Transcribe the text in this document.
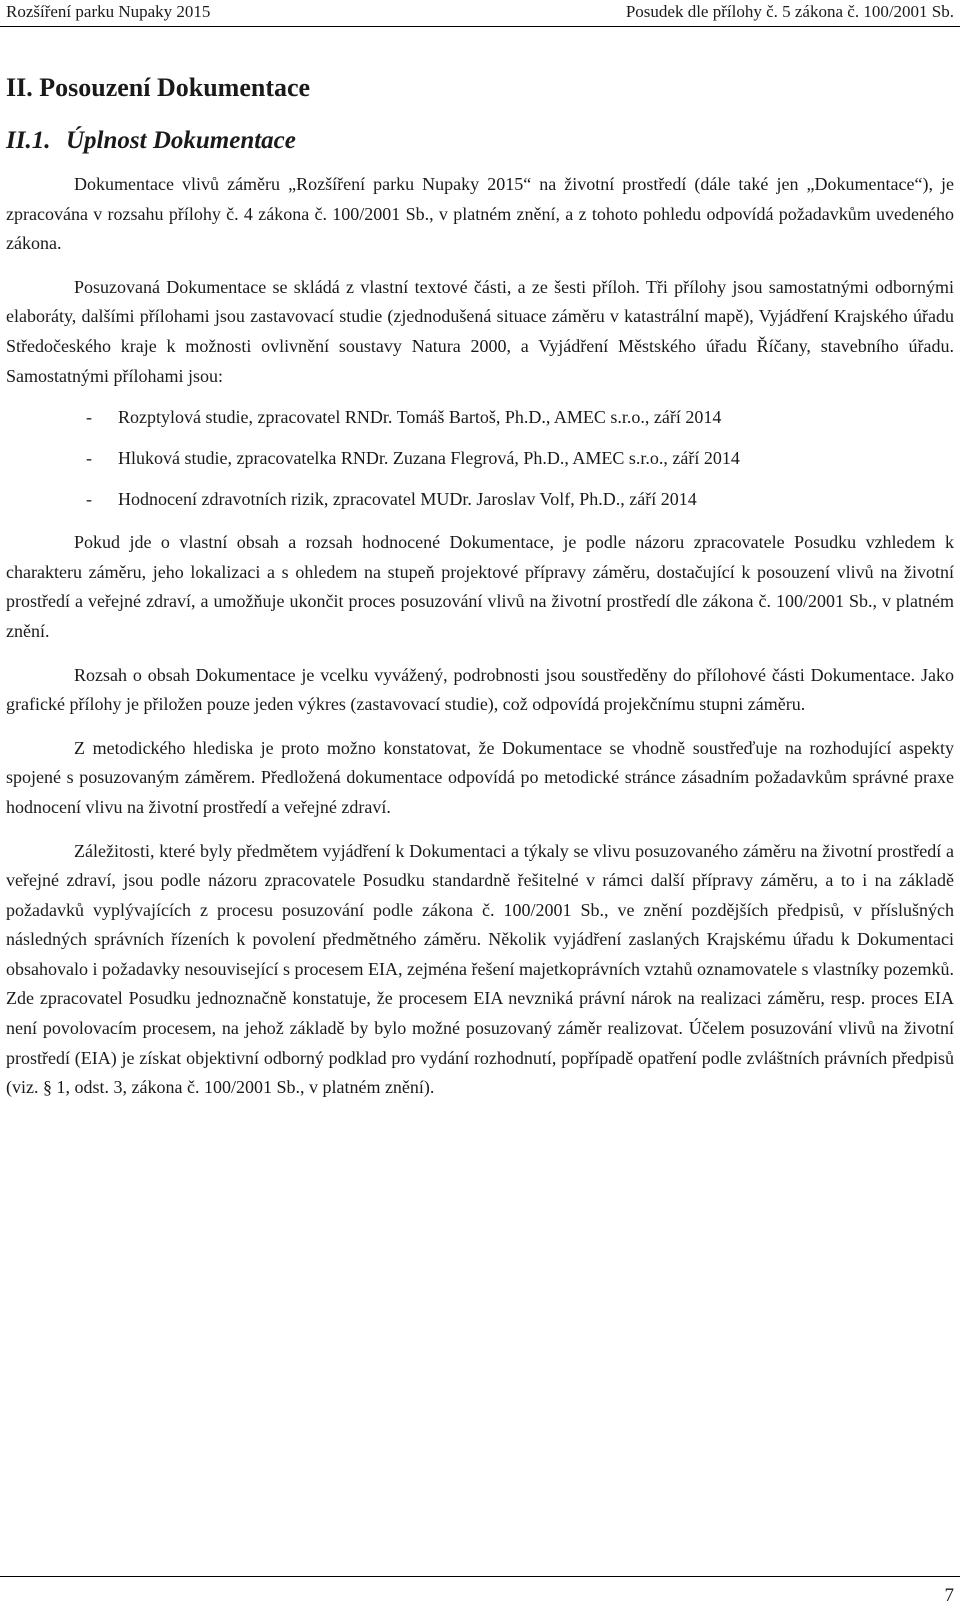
Rozšíření parku Nupaky 2015	Posudek dle přílohy č. 5 zákona č. 100/2001 Sb.
II. Posouzení Dokumentace
II.1. Úplnost Dokumentace

Dokumentace vlivů záměru „Rozšíření parku Nupaky 2015“ na životní prostředí (dále také jen „Dokumentace“), je zpracována v rozsahu přílohy č. 4 zákona č. 100/2001 Sb., v platném znění, a z tohoto pohledu odpovídá požadavkům uvedeného zákona.

Posuzovaná Dokumentace se skládá z vlastní textové části, a ze šesti příloh. Tři přílohy jsou samostatnými odbornými elaboráty, dalšími přílohami jsou zastavovací studie (zjednodušená situace záměru v katastrální mapě), Vyjádření Krajského úřadu Středočeského kraje k možnosti ovlivnění soustavy Natura 2000, a Vyjádření Městského úřadu Říčany, stavebního úřadu. Samostatnými přílohami jsou:

- Rozptylová studie, zpracovatel RNDr. Tomáš Bartoš, Ph.D., AMEC s.r.o., září 2014
- Hluková studie, zpracovatelka RNDr. Zuzana Flegrová, Ph.D., AMEC s.r.o., září 2014
- Hodnocení zdravotních rizik, zpracovatel MUDr. Jaroslav Volf, Ph.D., září 2014

Pokud jde o vlastní obsah a rozsah hodnocené Dokumentace, je podle názoru zpracovatele Posudku vzhledem k charakteru záměru, jeho lokalizaci a s ohledem na stupeň projektové přípravy záměru, dostačující k posouzení vlivů na životní prostředí a veřejné zdraví, a umožňuje ukončit proces posuzování vlivů na životní prostředí dle zákona č. 100/2001 Sb., v platném znění.

Rozsah o obsah Dokumentace je vcelku vyvážený, podrobnosti jsou soustředěny do přílohové části Dokumentace. Jako grafické přílohy je přiložen pouze jeden výkres (zastavovací studie), což odpovídá projekčnímu stupni záměru.

Z metodického hlediska je proto možno konstatovat, že Dokumentace se vhodně soustřeďuje na rozhodující aspekty spojené s posuzovaným záměrem. Předložená dokumentace odpovídá po metodické stránce zásadním požadavkům správné praxe hodnocení vlivu na životní prostředí a veřejné zdraví.

Záležitosti, které byly předmětem vyjádření k Dokumentaci a týkaly se vlivu posuzovaného záměru na životní prostředí a veřejné zdraví, jsou podle názoru zpracovatele Posudku standardně řešitelné v rámci další přípravy záměru, a to i na základě požadavků vyplývajících z procesu posuzování podle zákona č. 100/2001 Sb., ve znění pozdějších předpisů, v příslušných následných správních řízeních k povolení předmětného záměru. Několik vyjádření zaslaných Krajskému úřadu k Dokumentaci obsahovalo i požadavky nesouvisející s procesem EIA, zejména řešení majetkoprávních vztahů oznamovatele s vlastníky pozemků. Zde zpracovatel Posudku jednoznačně konstatuje, že procesem EIA nevzniká právní nárok na realizaci záměru, resp. proces EIA není povolovacím procesem, na jehož základě by bylo možné posuzovaný záměr realizovat. Účelem posuzování vlivů na životní prostředí (EIA) je získat objektivní odborný podklad pro vydání rozhodnutí, popřípadě opatření podle zvláštních právních předpisů (viz. § 1, odst. 3, zákona č. 100/2001 Sb., v platném znění).

7
